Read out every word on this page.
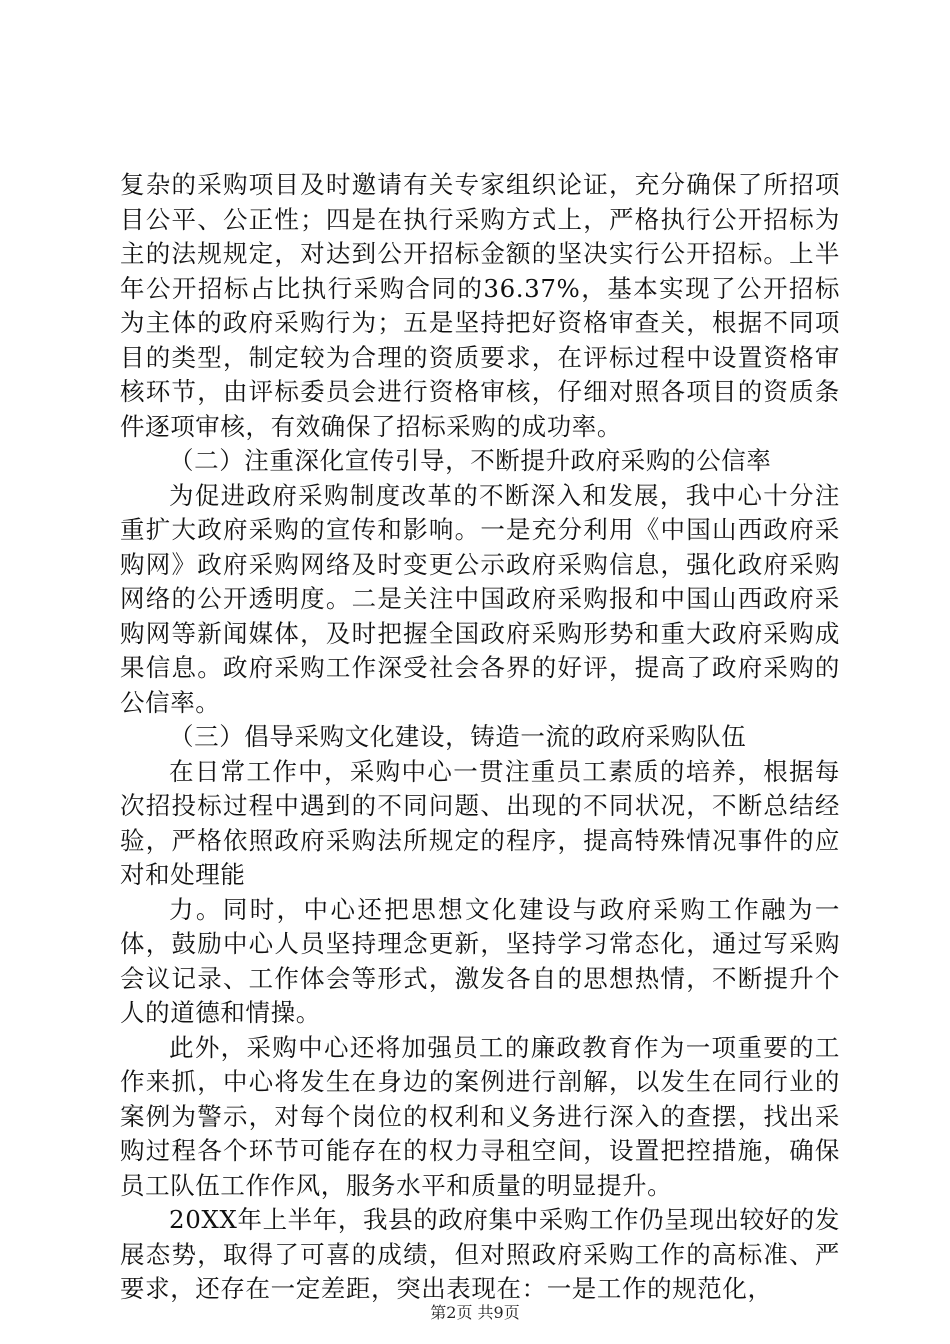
复杂的采购项目及时邀请有关专家组织论证，充分确保了所招项目公平、公正性；四是在执行采购方式上，严格执行公开招标为主的法规规定，对达到公开招标金额的坚决实行公开招标。上半年公开招标占比执行采购合同的36.37%，基本实现了公开招标为主体的政府采购行为；五是坚持把好资格审查关，根据不同项目的类型，制定较为合理的资质要求，在评标过程中设置资格审核环节，由评标委员会进行资格审核，仔细对照各项目的资质条件逐项审核，有效确保了招标采购的成功率。

（二）注重深化宣传引导，不断提升政府采购的公信率

为促进政府采购制度改革的不断深入和发展，我中心十分注重扩大政府采购的宣传和影响。一是充分利用《中国山西政府采购网》政府采购网络及时变更公示政府采购信息，强化政府采购网络的公开透明度。二是关注中国政府采购报和中国山西政府采购网等新闻媒体，及时把握全国政府采购形势和重大政府采购成果信息。政府采购工作深受社会各界的好评，提高了政府采购的公信率。

（三）倡导采购文化建设，铸造一流的政府采购队伍

在日常工作中，采购中心一贯注重员工素质的培养，根据每次招投标过程中遇到的不同问题、出现的不同状况，不断总结经验，严格依照政府采购法所规定的程序，提高特殊情况事件的应对和处理能

力。同时，中心还把思想文化建设与政府采购工作融为一体，鼓励中心人员坚持理念更新，坚持学习常态化，通过写采购会议记录、工作体会等形式，激发各自的思想热情，不断提升个人的道德和情操。

此外，采购中心还将加强员工的廉政教育作为一项重要的工作来抓，中心将发生在身边的案例进行剖解，以发生在同行业的案例为警示，对每个岗位的权利和义务进行深入的查摆，找出采购过程各个环节可能存在的权力寻租空间，设置把控措施，确保员工队伍工作作风，服务水平和质量的明显提升。

20XX年上半年，我县的政府集中采购工作仍呈现出较好的发展态势，取得了可喜的成绩，但对照政府采购工作的高标准、严要求，还存在一定差距，突出表现在：一是工作的规范化，

第2页 共9页
